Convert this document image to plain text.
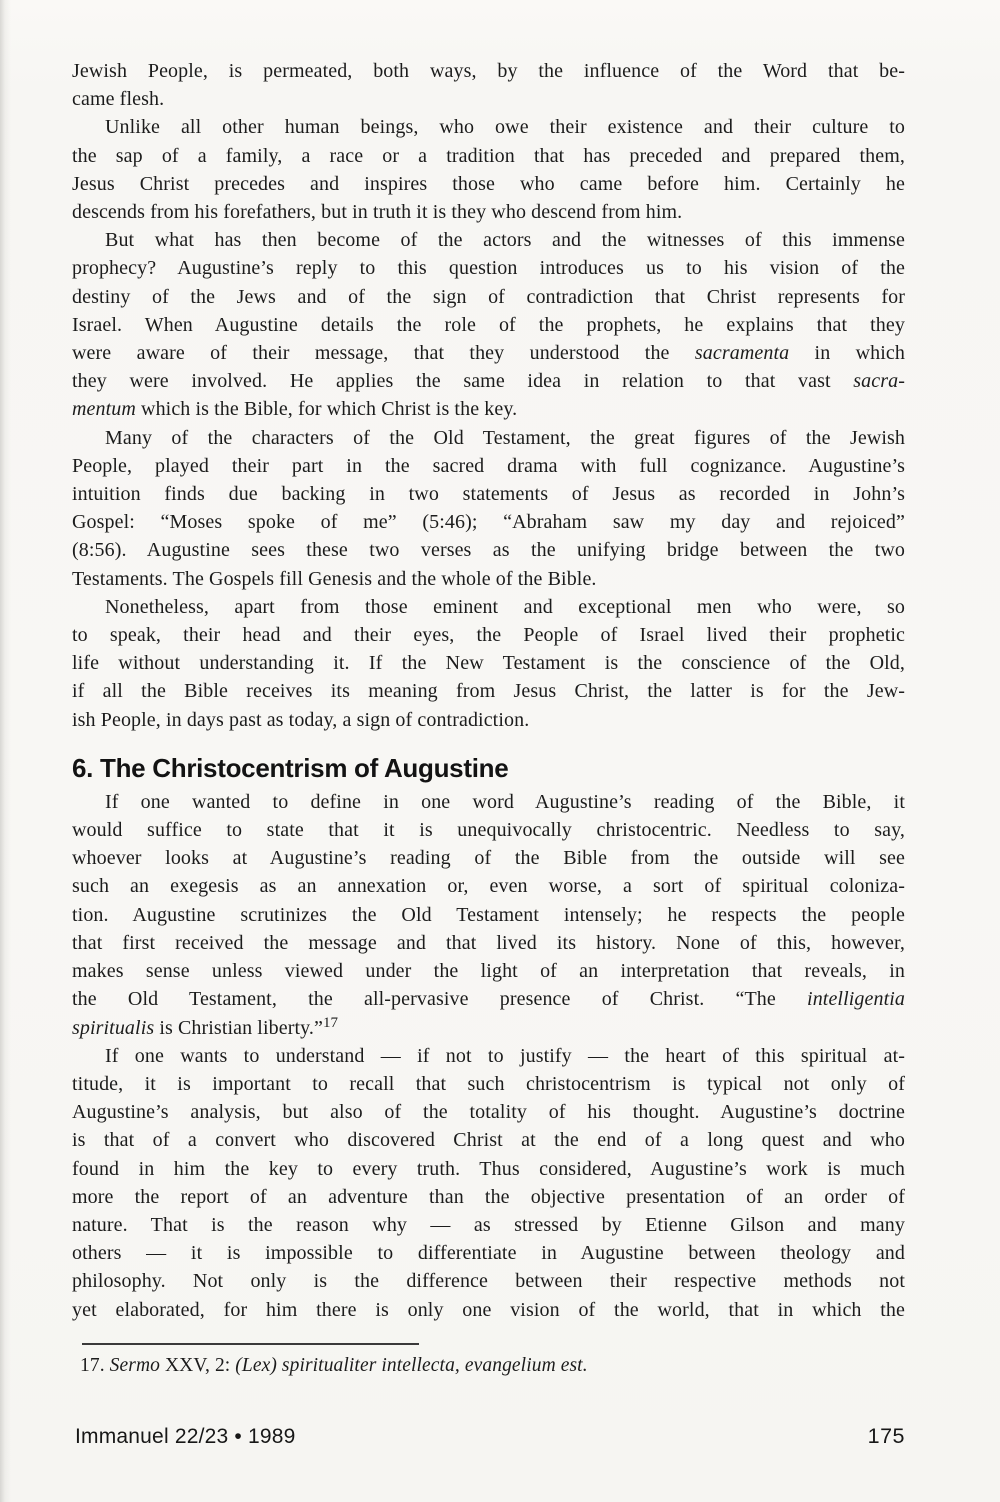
Jewish People, is permeated, both ways, by the influence of the Word that be-
came flesh.
Unlike all other human beings, who owe their existence and their culture to
the sap of a family, a race or a tradition that has preceded and prepared them,
Jesus Christ precedes and inspires those who came before him. Certainly he
descends from his forefathers, but in truth it is they who descend from him.
But what has then become of the actors and the witnesses of this immense
prophecy? Augustine’s reply to this question introduces us to his vision of the
destiny of the Jews and of the sign of contradiction that Christ represents for
Israel. When Augustine details the role of the prophets, he explains that they
were aware of their message, that they understood the sacramenta in which
they were involved. He applies the same idea in relation to that vast sacra-
mentum which is the Bible, for which Christ is the key.
Many of the characters of the Old Testament, the great figures of the Jewish
People, played their part in the sacred drama with full cognizance. Augustine’s
intuition finds due backing in two statements of Jesus as recorded in John’s
Gospel: “Moses spoke of me” (5:46); “Abraham saw my day and rejoiced”
(8:56). Augustine sees these two verses as the unifying bridge between the two
Testaments. The Gospels fill Genesis and the whole of the Bible.
Nonetheless, apart from those eminent and exceptional men who were, so
to speak, their head and their eyes, the People of Israel lived their prophetic
life without understanding it. If the New Testament is the conscience of the Old,
if all the Bible receives its meaning from Jesus Christ, the latter is for the Jew-
ish People, in days past as today, a sign of contradiction.
6. The Christocentrism of Augustine
If one wanted to define in one word Augustine’s reading of the Bible, it
would suffice to state that it is unequivocally christocentric. Needless to say,
whoever looks at Augustine’s reading of the Bible from the outside will see
such an exegesis as an annexation or, even worse, a sort of spiritual coloniza-
tion. Augustine scrutinizes the Old Testament intensely; he respects the people
that first received the message and that lived its history. None of this, however,
makes sense unless viewed under the light of an interpretation that reveals, in
the Old Testament, the all-pervasive presence of Christ. “The intelligentia
spiritualis is Christian liberty.”$^{17}$
If one wants to understand — if not to justify — the heart of this spiritual at-
titude, it is important to recall that such christocentrism is typical not only of
Augustine’s analysis, but also of the totality of his thought. Augustine’s doctrine
is that of a convert who discovered Christ at the end of a long quest and who
found in him the key to every truth. Thus considered, Augustine’s work is much
more the report of an adventure than the objective presentation of an order of
nature. That is the reason why — as stressed by Etienne Gilson and many
others — it is impossible to differentiate in Augustine between theology and
philosophy. Not only is the difference between their respective methods not
yet elaborated, for him there is only one vision of the world, that in which the
17. Sermo XXV, 2: (Lex) spiritualiter intellecta, evangelium est.
Immanuel 22/23 • 1989	175
